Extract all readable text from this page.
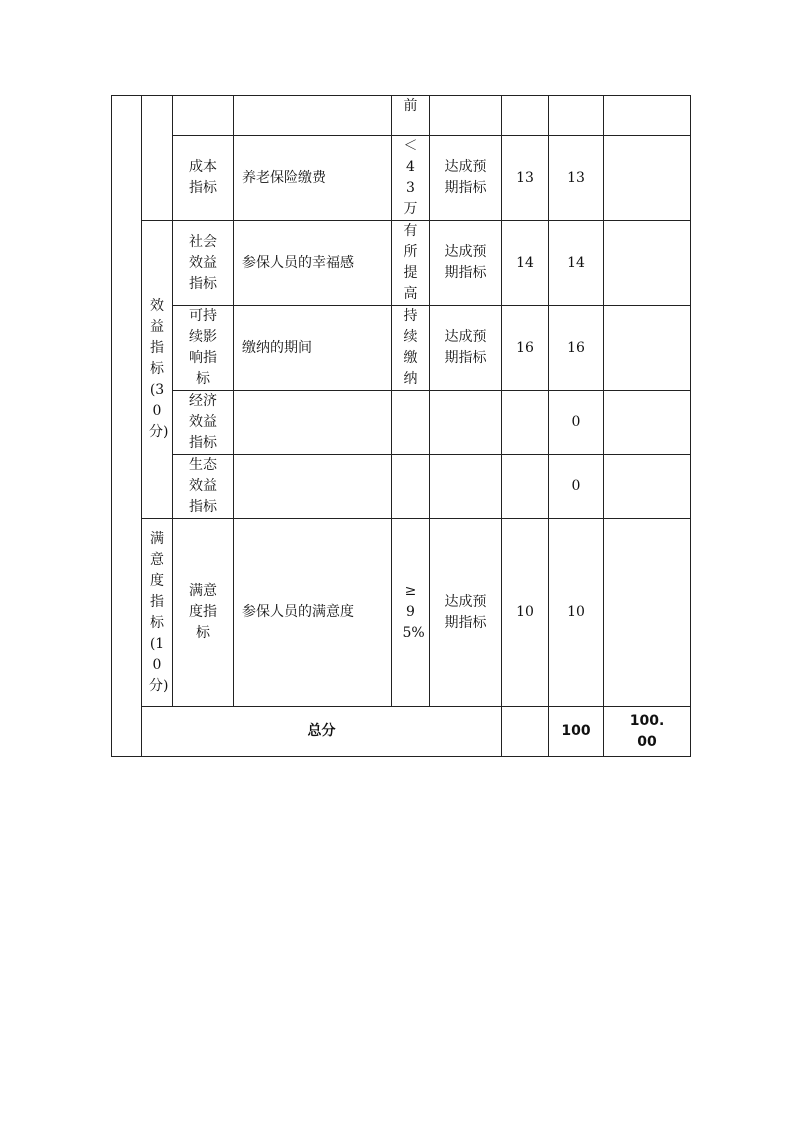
				前					
		成本指标	养老保险缴费	＜43万	达成预期指标	13	13		
	效益指标(30分)	社会效益指标	参保人员的幸福感	有所提高	达成预期指标	14	14		
		可持续影响指标	缴纳的期间	持续缴纳	达成预期指标	16	16		
		经济效益指标					0		
		生态效益指标					0		
	满意度指标(10分)	满意度指标	参保人员的满意度	≥95%	达成预期指标	10	10		
	总分						100	100.00	
